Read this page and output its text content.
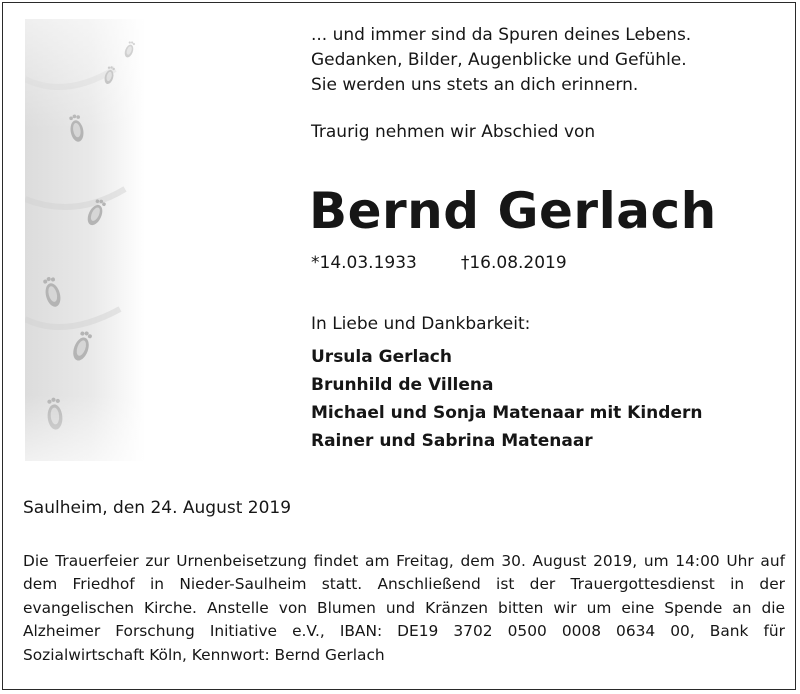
... und immer sind da Spuren deines Lebens.
Gedanken, Bilder, Augenblicke und Gefühle.
Sie werden uns stets an dich erinnern.

Traurig nehmen wir Abschied von

Bernd Gerlach

*14.03.1933	†16.08.2019

In Liebe und Dankbarkeit:

Ursula Gerlach
Brunhild de Villena
Michael und Sonja Matenaar mit Kindern
Rainer und Sabrina Matenaar

Saulheim, den 24. August 2019

Die Trauerfeier zur Urnenbeisetzung findet am Freitag, dem 30. August 2019, um 14:00 Uhr auf dem Friedhof in Nieder-Saulheim statt. Anschließend ist der Trauergottesdienst in der evangelischen Kirche. Anstelle von Blumen und Kränzen bitten wir um eine Spende an die Alzheimer Forschung Initiative e.V., IBAN: DE19 3702 0500 0008 0634 00, Bank für Sozialwirtschaft Köln, Kennwort: Bernd Gerlach
